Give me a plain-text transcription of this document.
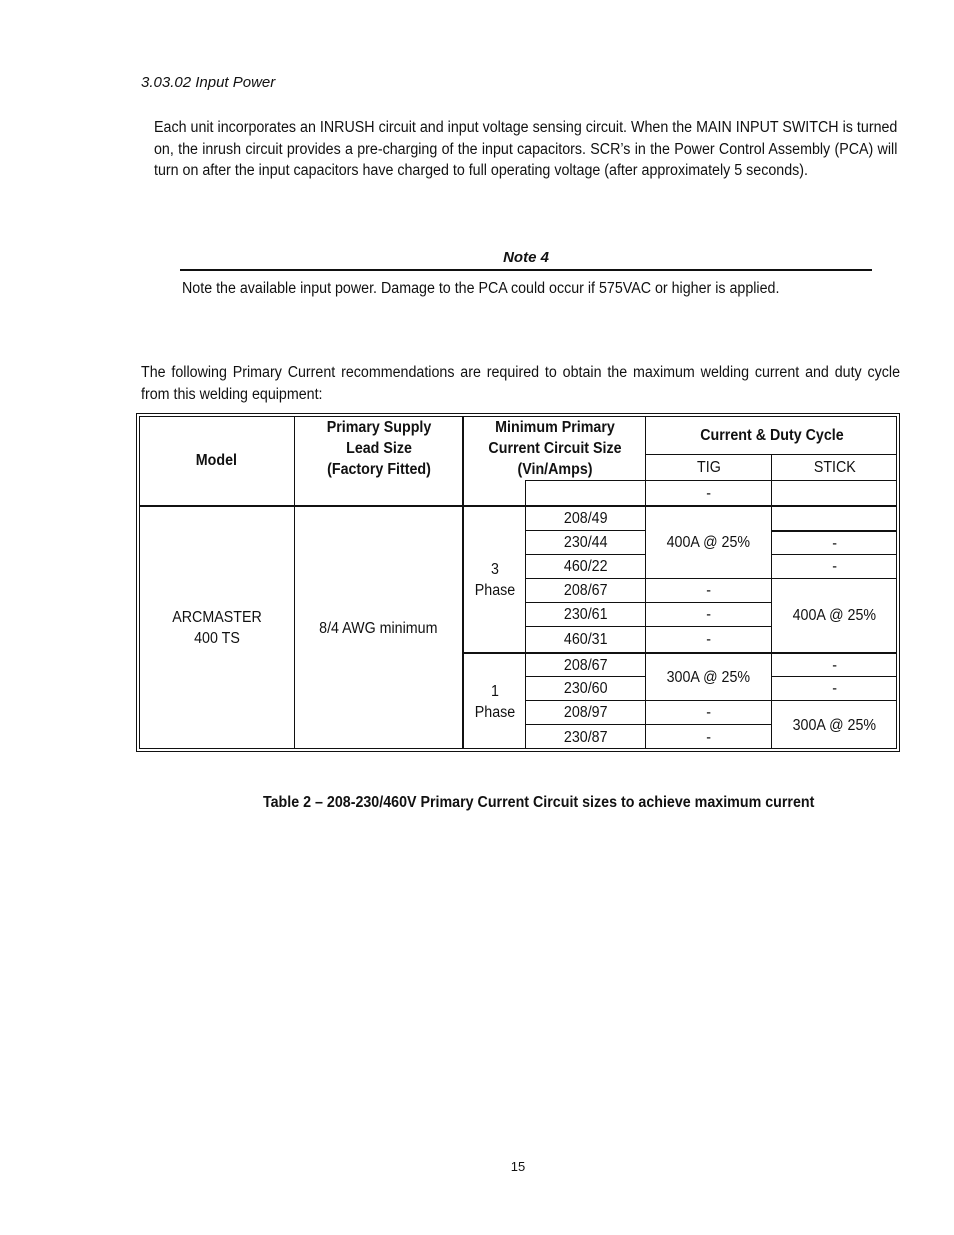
3.03.02 Input Power
Each unit incorporates an INRUSH circuit and input voltage sensing circuit. When the MAIN INPUT SWITCH is turned on, the inrush circuit provides a pre-charging of the input capacitors. SCR’s in the Power Control Assembly (PCA) will turn on after the input capacitors have charged to full operating voltage (after approximately 5 seconds).
Note 4
Note the available input power. Damage to the PCA could occur if 575VAC or higher is applied.
The following Primary Current recommendations are required to obtain the maximum welding current and duty cycle from this welding equipment:
Model
Primary Supply Lead Size (Factory Fitted)
Minimum Primary Current Circuit Size (Vin/Amps)
Current & Duty Cycle
TIG	STICK
-
ARCMASTER 400 TS
8/4 AWG minimum
3 Phase
1 Phase
208/49
230/44
460/22
208/67
230/61
460/31
208/67
230/60
208/97
230/87
400A @ 25%
-
-
-
300A @ 25%
-
-
-
-
400A @ 25%
-
-
300A @ 25%
Table 2 – 208-230/460V Primary Current Circuit sizes to achieve maximum current
15
